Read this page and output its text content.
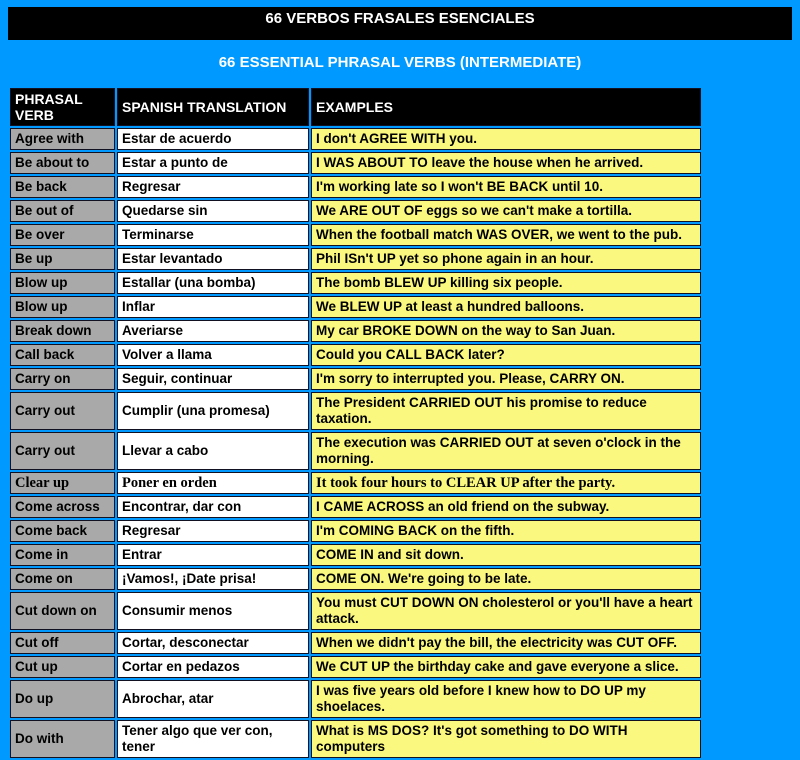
66 VERBOS FRASALES ESENCIALES
66 ESSENTIAL PHRASAL VERBS (INTERMEDIATE)
PHRASAL VERB	SPANISH TRANSLATION	EXAMPLES
Agree with	Estar de acuerdo	I don't AGREE WITH you.
Be about to	Estar a punto de	I WAS ABOUT TO leave the house when he arrived.
Be back	Regresar	I'm working late so I won't BE BACK until 10.
Be out of	Quedarse sin	We ARE OUT OF eggs so we can't make a tortilla.
Be over	Terminarse	When the football match WAS OVER, we went to the pub.
Be up	Estar levantado	Phil ISn't UP yet so phone again in an hour.
Blow up	Estallar (una bomba)	The bomb BLEW UP killing six people.
Blow up	Inflar	We BLEW UP at least a hundred balloons.
Break down	Averiarse	My car BROKE DOWN on the way to San Juan.
Call back	Volver a llama	Could you CALL BACK later?
Carry on	Seguir, continuar	I'm sorry to interrupted you. Please, CARRY ON.
Carry out	Cumplir (una promesa)	The President CARRIED OUT his promise to reduce taxation.
Carry out	Llevar a cabo	The execution was CARRIED OUT at seven o'clock in the morning.
Clear up	Poner en orden	It took four hours to CLEAR UP after the party.
Come across	Encontrar, dar con	I CAME ACROSS an old friend on the subway.
Come back	Regresar	I'm COMING BACK on the fifth.
Come in	Entrar	COME IN and sit down.
Come on	¡Vamos!, ¡Date prisa!	COME ON. We're going to be late.
Cut down on	Consumir menos	You must CUT DOWN ON cholesterol or you'll have a heart attack.
Cut off	Cortar, desconectar	When we didn't pay the bill, the electricity was CUT OFF.
Cut up	Cortar en pedazos	We CUT UP the birthday cake and gave everyone a slice.
Do up	Abrochar, atar	I was five years old before I knew how to DO UP my shoelaces.
Do with	Tener algo que ver con, tener	What is MS DOS? It's got something to DO WITH computers
